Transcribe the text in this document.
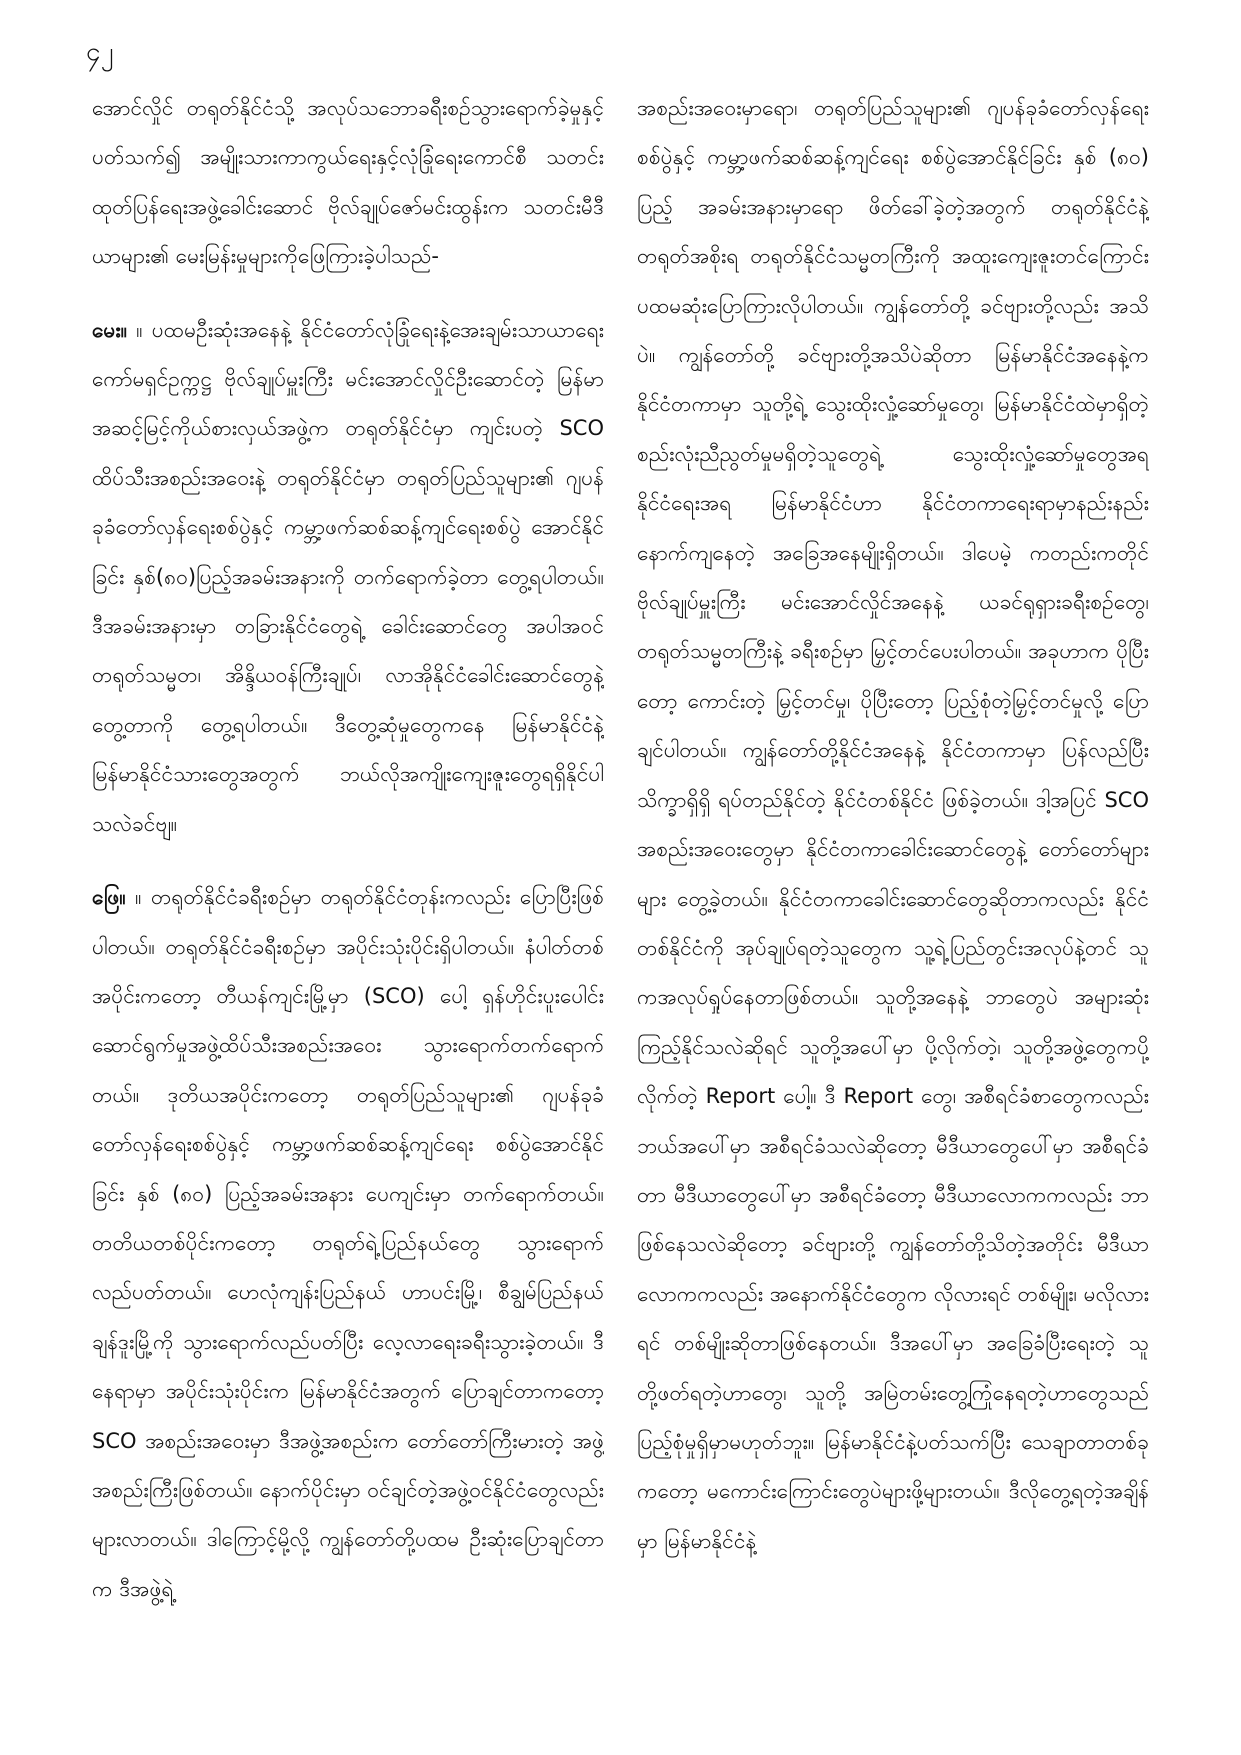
၄၂

အောင်လှိုင် တရုတ်နိုင်ငံသို့ အလုပ်သဘောခရီးစဉ်သွားရောက်ခဲ့မှုနှင့်ပတ်သက်၍ အမျိုးသားကာကွယ်ရေးနှင့်လုံခြုံရေးကောင်စီ သတင်းထုတ်ပြန်ရေးအဖွဲ့ခေါင်းဆောင် ဗိုလ်ချုပ်ဇော်မင်းထွန်းက သတင်းမီဒီယာများ၏ မေးမြန်းမှုများကိုဖြေကြားခဲ့ပါသည်-

မေး။ ။ ပထမဦးဆုံးအနေနဲ့ နိုင်ငံတော်လုံခြုံရေးနဲ့အေးချမ်းသာယာရေးကော်မရှင်ဥက္ကဋ္ဌ ဗိုလ်ချုပ်မှူးကြီး မင်းအောင်လှိုင်ဦးဆောင်တဲ့ မြန်မာအဆင့်မြင့်ကိုယ်စားလှယ်အဖွဲ့က တရုတ်နိုင်ငံမှာ ကျင်းပတဲ့ SCO ထိပ်သီးအစည်းအဝေးနဲ့ တရုတ်နိုင်ငံမှာ တရုတ်ပြည်သူများ၏ ဂျပန်ခုခံတော်လှန်ရေးစစ်ပွဲနှင့် ကမ္ဘာ့ဖက်ဆစ်ဆန့်ကျင်ရေးစစ်ပွဲ အောင်နိုင်ခြင်း နှစ်(၈၀)ပြည့်အခမ်းအနားကို တက်ရောက်ခဲ့တာ တွေ့ရပါတယ်။ ဒီအခမ်းအနားမှာ တခြားနိုင်ငံတွေရဲ့ ခေါင်းဆောင်တွေ အပါအဝင် တရုတ်သမ္မတ၊ အိန္ဒိယဝန်ကြီးချုပ်၊ လာအိုနိုင်ငံခေါင်းဆောင်တွေနဲ့ တွေ့တာကို တွေ့ရပါတယ်။ ဒီတွေ့ဆုံမှုတွေကနေ မြန်မာနိုင်ငံနဲ့ မြန်မာနိုင်ငံသားတွေအတွက် ဘယ်လိုအကျိုးကျေးဇူးတွေရရှိနိုင်ပါသလဲခင်ဗျ။

ဖြေ။ ။ တရုတ်နိုင်ငံခရီးစဉ်မှာ တရုတ်နိုင်ငံတုန်းကလည်း ပြောပြီးဖြစ်ပါတယ်။ တရုတ်နိုင်ငံခရီးစဉ်မှာ အပိုင်းသုံးပိုင်းရှိပါတယ်။ နံပါတ်တစ်အပိုင်းကတော့ တီယန်ကျင်းမြို့မှာ (SCO) ပေါ့ ရှန်ဟိုင်းပူးပေါင်းဆောင်ရွက်မှုအဖွဲ့ထိပ်သီးအစည်းအဝေး သွားရောက်တက်ရောက်တယ်။ ဒုတိယအပိုင်းကတော့ တရုတ်ပြည်သူများ၏ ဂျပန်ခုခံတော်လှန်ရေးစစ်ပွဲနှင့် ကမ္ဘာ့ဖက်ဆစ်ဆန့်ကျင်ရေး စစ်ပွဲအောင်နိုင်ခြင်း နှစ် (၈၀) ပြည့်အခမ်းအနား ပေကျင်းမှာ တက်ရောက်တယ်။ တတိယတစ်ပိုင်းကတော့ တရုတ်ရဲ့ပြည်နယ်တွေ သွားရောက်လည်ပတ်တယ်။ ဟေလုံကျန်းပြည်နယ် ဟာပင်းမြို့၊ စီချွမ်ပြည်နယ် ချန်ဒူးမြို့ကို သွားရောက်လည်ပတ်ပြီး လေ့လာရေးခရီးသွားခဲ့တယ်။ ဒီနေရာမှာ အပိုင်းသုံးပိုင်းက မြန်မာနိုင်ငံအတွက် ပြောချင်တာကတော့ SCO အစည်းအဝေးမှာ ဒီအဖွဲ့အစည်းက တော်တော်ကြီးမားတဲ့ အဖွဲ့အစည်းကြီးဖြစ်တယ်။ နောက်ပိုင်းမှာ ဝင်ချင်တဲ့အဖွဲ့ဝင်နိုင်ငံတွေလည်း များလာတယ်။ ဒါကြောင့်မို့လို့ ကျွန်တော်တို့ပထမ ဦးဆုံးပြောချင်တာက ဒီအဖွဲ့ရဲ့

အစည်းအဝေးမှာရော၊ တရုတ်ပြည်သူများ၏ ဂျပန်ခုခံတော်လှန်ရေးစစ်ပွဲနှင့် ကမ္ဘာ့ဖက်ဆစ်ဆန့်ကျင်ရေး စစ်ပွဲအောင်နိုင်ခြင်း နှစ် (၈၀) ပြည့် အခမ်းအနားမှာရော ဖိတ်ခေါ်ခဲ့တဲ့အတွက် တရုတ်နိုင်ငံနဲ့ တရုတ်အစိုးရ တရုတ်နိုင်ငံသမ္မတကြီးကို အထူးကျေးဇူးတင်ကြောင်း ပထမဆုံးပြောကြားလိုပါတယ်။ ကျွန်တော်တို့ ခင်ဗျားတို့လည်း အသိပဲ။ ကျွန်တော်တို့ ခင်ဗျားတို့အသိပဲဆိုတာ မြန်မာနိုင်ငံအနေနဲ့က နိုင်ငံတကာမှာ သူတို့ရဲ့ သွေးထိုးလှုံ့ဆော်မှုတွေ၊ မြန်မာနိုင်ငံထဲမှာရှိတဲ့ စည်းလုံးညီညွတ်မှုမရှိတဲ့သူတွေရဲ့ သွေးထိုးလှုံ့ဆော်မှုတွေအရ နိုင်ငံရေးအရ မြန်မာနိုင်ငံဟာ နိုင်ငံတကာရေးရာမှာနည်းနည်းနောက်ကျနေတဲ့ အခြေအနေမျိုးရှိတယ်။ ဒါပေမဲ့ ကတည်းကတိုင် ဗိုလ်ချုပ်မှူးကြီး မင်းအောင်လှိုင်အနေနဲ့ ယခင်ရုရှားခရီးစဉ်တွေ၊ တရုတ်သမ္မတကြီးနဲ့ ခရီးစဉ်မှာ မြှင့်တင်ပေးပါတယ်။ အခုဟာက ပိုပြီးတော့ ကောင်းတဲ့ မြှင့်တင်မှု၊ ပိုပြီးတော့ ပြည့်စုံတဲ့မြှင့်တင်မှုလို့ ပြောချင်ပါတယ်။ ကျွန်တော်တို့နိုင်ငံအနေနဲ့ နိုင်ငံတကာမှာ ပြန်လည်ပြီး သိက္ခာရှိရှိ ရပ်တည်နိုင်တဲ့ နိုင်ငံတစ်နိုင်ငံ ဖြစ်ခဲ့တယ်။ ဒါ့အပြင် SCO အစည်းအဝေးတွေမှာ နိုင်ငံတကာခေါင်းဆောင်တွေနဲ့ တော်တော်များများ တွေ့ခဲ့တယ်။ နိုင်ငံတကာခေါင်းဆောင်တွေဆိုတာကလည်း နိုင်ငံတစ်နိုင်ငံကို အုပ်ချုပ်ရတဲ့သူတွေက သူ့ရဲ့ပြည်တွင်းအလုပ်နဲ့တင် သူကအလုပ်ရှုပ်နေတာဖြစ်တယ်။ သူတို့အနေနဲ့ ဘာတွေပဲ အများဆုံးကြည့်နိုင်သလဲဆိုရင် သူတို့အပေါ်မှာ ပို့လိုက်တဲ့၊ သူတို့အဖွဲ့တွေကပို့လိုက်တဲ့ Report ပေါ့။ ဒီ Report တွေ၊ အစီရင်ခံစာတွေကလည်း ဘယ်အပေါ်မှာ အစီရင်ခံသလဲဆိုတော့ မီဒီယာတွေပေါ်မှာ အစီရင်ခံတာ မီဒီယာတွေပေါ်မှာ အစီရင်ခံတော့ မီဒီယာလောကကလည်း ဘာဖြစ်နေသလဲဆိုတော့ ခင်ဗျားတို့ ကျွန်တော်တို့သိတဲ့အတိုင်း မီဒီယာလောကကလည်း အနောက်နိုင်ငံတွေက လိုလားရင် တစ်မျိုး၊ မလိုလားရင် တစ်မျိုးဆိုတာဖြစ်နေတယ်။ ဒီအပေါ်မှာ အခြေခံပြီးရေးတဲ့ သူတို့ဖတ်ရတဲ့ဟာတွေ၊ သူတို့ အမြဲတမ်းတွေ့ကြုံနေရတဲ့ဟာတွေသည် ပြည့်စုံမှုရှိမှာမဟုတ်ဘူး။ မြန်မာနိုင်ငံနဲ့ပတ်သက်ပြီး သေချာတာတစ်ခုကတော့ မကောင်းကြောင်းတွေပဲများဖို့များတယ်။ ဒီလိုတွေ့ရတဲ့အချိန်မှာ မြန်မာနိုင်ငံနဲ့
